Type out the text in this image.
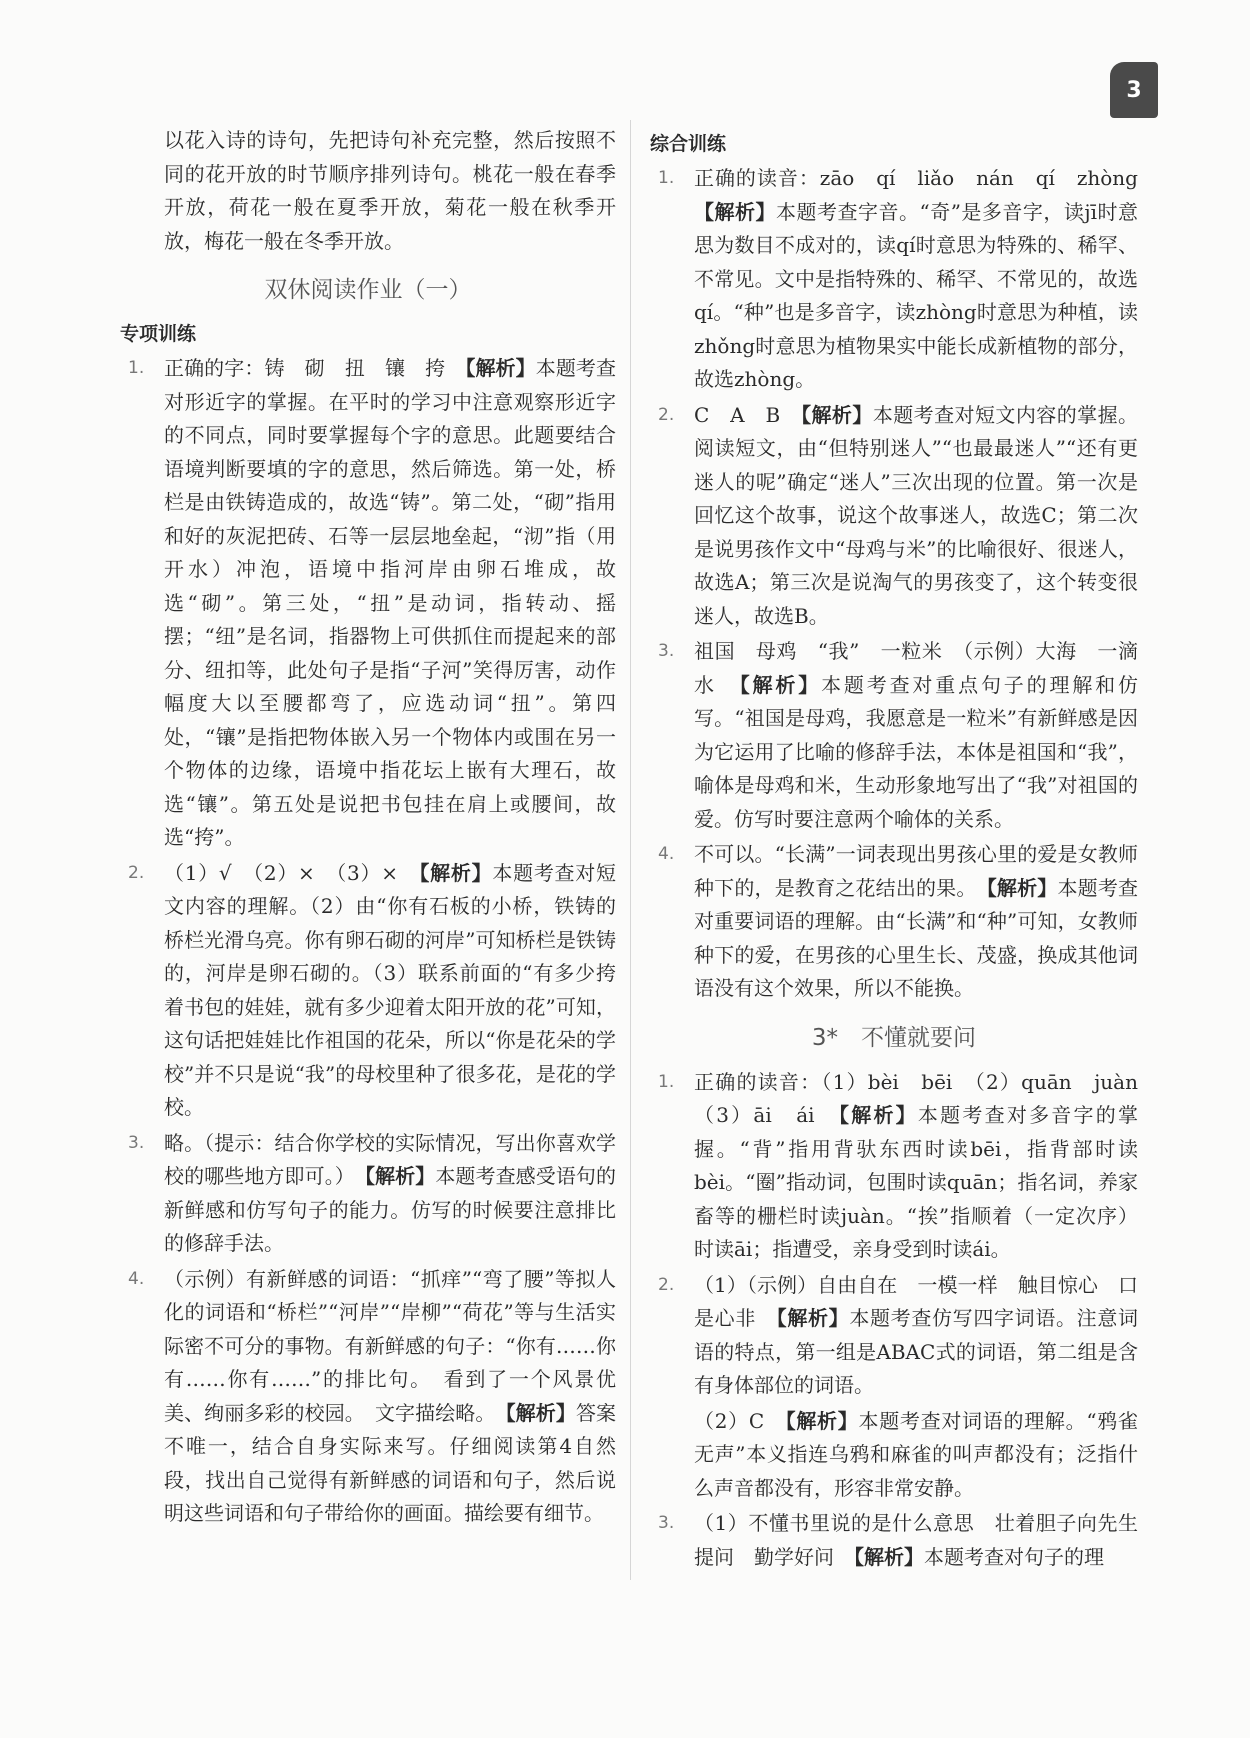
3

以花入诗的诗句，先把诗句补充完整，然后按照不同的花开放的时节顺序排列诗句。桃花一般在春季开放，荷花一般在夏季开放，菊花一般在秋季开放，梅花一般在冬季开放。

双休阅读作业（一）
专项训练
1. 正确的字：铸　砌　扭　镶　挎　【解析】本题考查对形近字的掌握。在平时的学习中注意观察形近字的不同点，同时要掌握每个字的意思。此题要结合语境判断要填的字的意思，然后筛选。第一处，桥栏是由铁铸造成的，故选“铸”。第二处，“砌”指用和好的灰泥把砖、石等一层层地垒起，“沏”指（用开水）冲泡，语境中指河岸由卵石堆成，故选“砌”。第三处，“扭”是动词，指转动、摇摆；“纽”是名词，指器物上可供抓住而提起来的部分、纽扣等，此处句子是指“子河”笑得厉害，动作幅度大以至腰都弯了，应选动词“扭”。第四处，“镶”是指把物体嵌入另一个物体内或围在另一个物体的边缘，语境中指花坛上嵌有大理石，故选“镶”。第五处是说把书包挂在肩上或腰间，故选“挎”。
2. （1）√　（2）×　（3）×　【解析】本题考查对短文内容的理解。（2）由“你有石板的小桥，铁铸的桥栏光滑乌亮。你有卵石砌的河岸”可知桥栏是铁铸的，河岸是卵石砌的。（3）联系前面的“有多少挎着书包的娃娃，就有多少迎着太阳开放的花”可知，这句话把娃娃比作祖国的花朵，所以“你是花朵的学校”并不只是说“我”的母校里种了很多花，是花的学校。
3. 略。（提示：结合你学校的实际情况，写出你喜欢学校的哪些地方即可。）　【解析】本题考查感受语句的新鲜感和仿写句子的能力。仿写的时候要注意排比的修辞手法。
4. （示例）有新鲜感的词语：“抓痒”“弯了腰”等拟人化的词语和“桥栏”“河岸”“岸柳”“荷花”等与生活实际密不可分的事物。有新鲜感的句子：“你有……你有……你有……”的排比句。　看到了一个风景优美、绚丽多彩的校园。　文字描绘略。　【解析】答案不唯一，结合自身实际来写。仔细阅读第4自然段，找出自己觉得有新鲜感的词语和句子，然后说明这些词语和句子带给你的画面。描绘要有细节。
综合训练
1. 正确的读音：zāo　qí　liǎo　nán　qí　zhòng　【解析】本题考查字音。“奇”是多音字，读jī时意思为数目不成对的，读qí时意思为特殊的、稀罕、不常见。文中是指特殊的、稀罕、不常见的，故选qí。“种”也是多音字，读zhòng时意思为种植，读zhǒng时意思为植物果实中能长成新植物的部分，故选zhòng。
2. C　A　B　【解析】本题考查对短文内容的掌握。阅读短文，由“但特别迷人”“也最最迷人”“还有更迷人的呢”确定“迷人”三次出现的位置。第一次是回忆这个故事，说这个故事迷人，故选C；第二次是说男孩作文中“母鸡与米”的比喻很好、很迷人，故选A；第三次是说淘气的男孩变了，这个转变很迷人，故选B。
3. 祖国　母鸡　“我”　一粒米　（示例）大海　一滴水　【解析】本题考查对重点句子的理解和仿写。“祖国是母鸡，我愿意是一粒米”有新鲜感是因为它运用了比喻的修辞手法，本体是祖国和“我”，喻体是母鸡和米，生动形象地写出了“我”对祖国的爱。仿写时要注意两个喻体的关系。
4. 不可以。“长满”一词表现出男孩心里的爱是女教师种下的，是教育之花结出的果。　【解析】本题考查对重要词语的理解。由“长满”和“种”可知，女教师种下的爱，在男孩的心里生长、茂盛，换成其他词语没有这个效果，所以不能换。
3*　不懂就要问
1. 正确的读音：（1）bèi　bēi　（2）quān　juàn　（3）āi　ái　【解析】本题考查对多音字的掌握。“背”指用背驮东西时读bēi，指背部时读bèi。“圈”指动词，包围时读quān；指名词，养家畜等的栅栏时读juàn。“挨”指顺着（一定次序）时读āi；指遭受，亲身受到时读ái。
2. （1）（示例）自由自在　一模一样　触目惊心　口是心非　【解析】本题考查仿写四字词语。注意词语的特点，第一组是ABAC式的词语，第二组是含有身体部位的词语。
（2）C　【解析】本题考查对词语的理解。“鸦雀无声”本义指连乌鸦和麻雀的叫声都没有；泛指什么声音都没有，形容非常安静。
3. （1）不懂书里说的是什么意思　壮着胆子向先生提问　勤学好问　【解析】本题考查对句子的理
